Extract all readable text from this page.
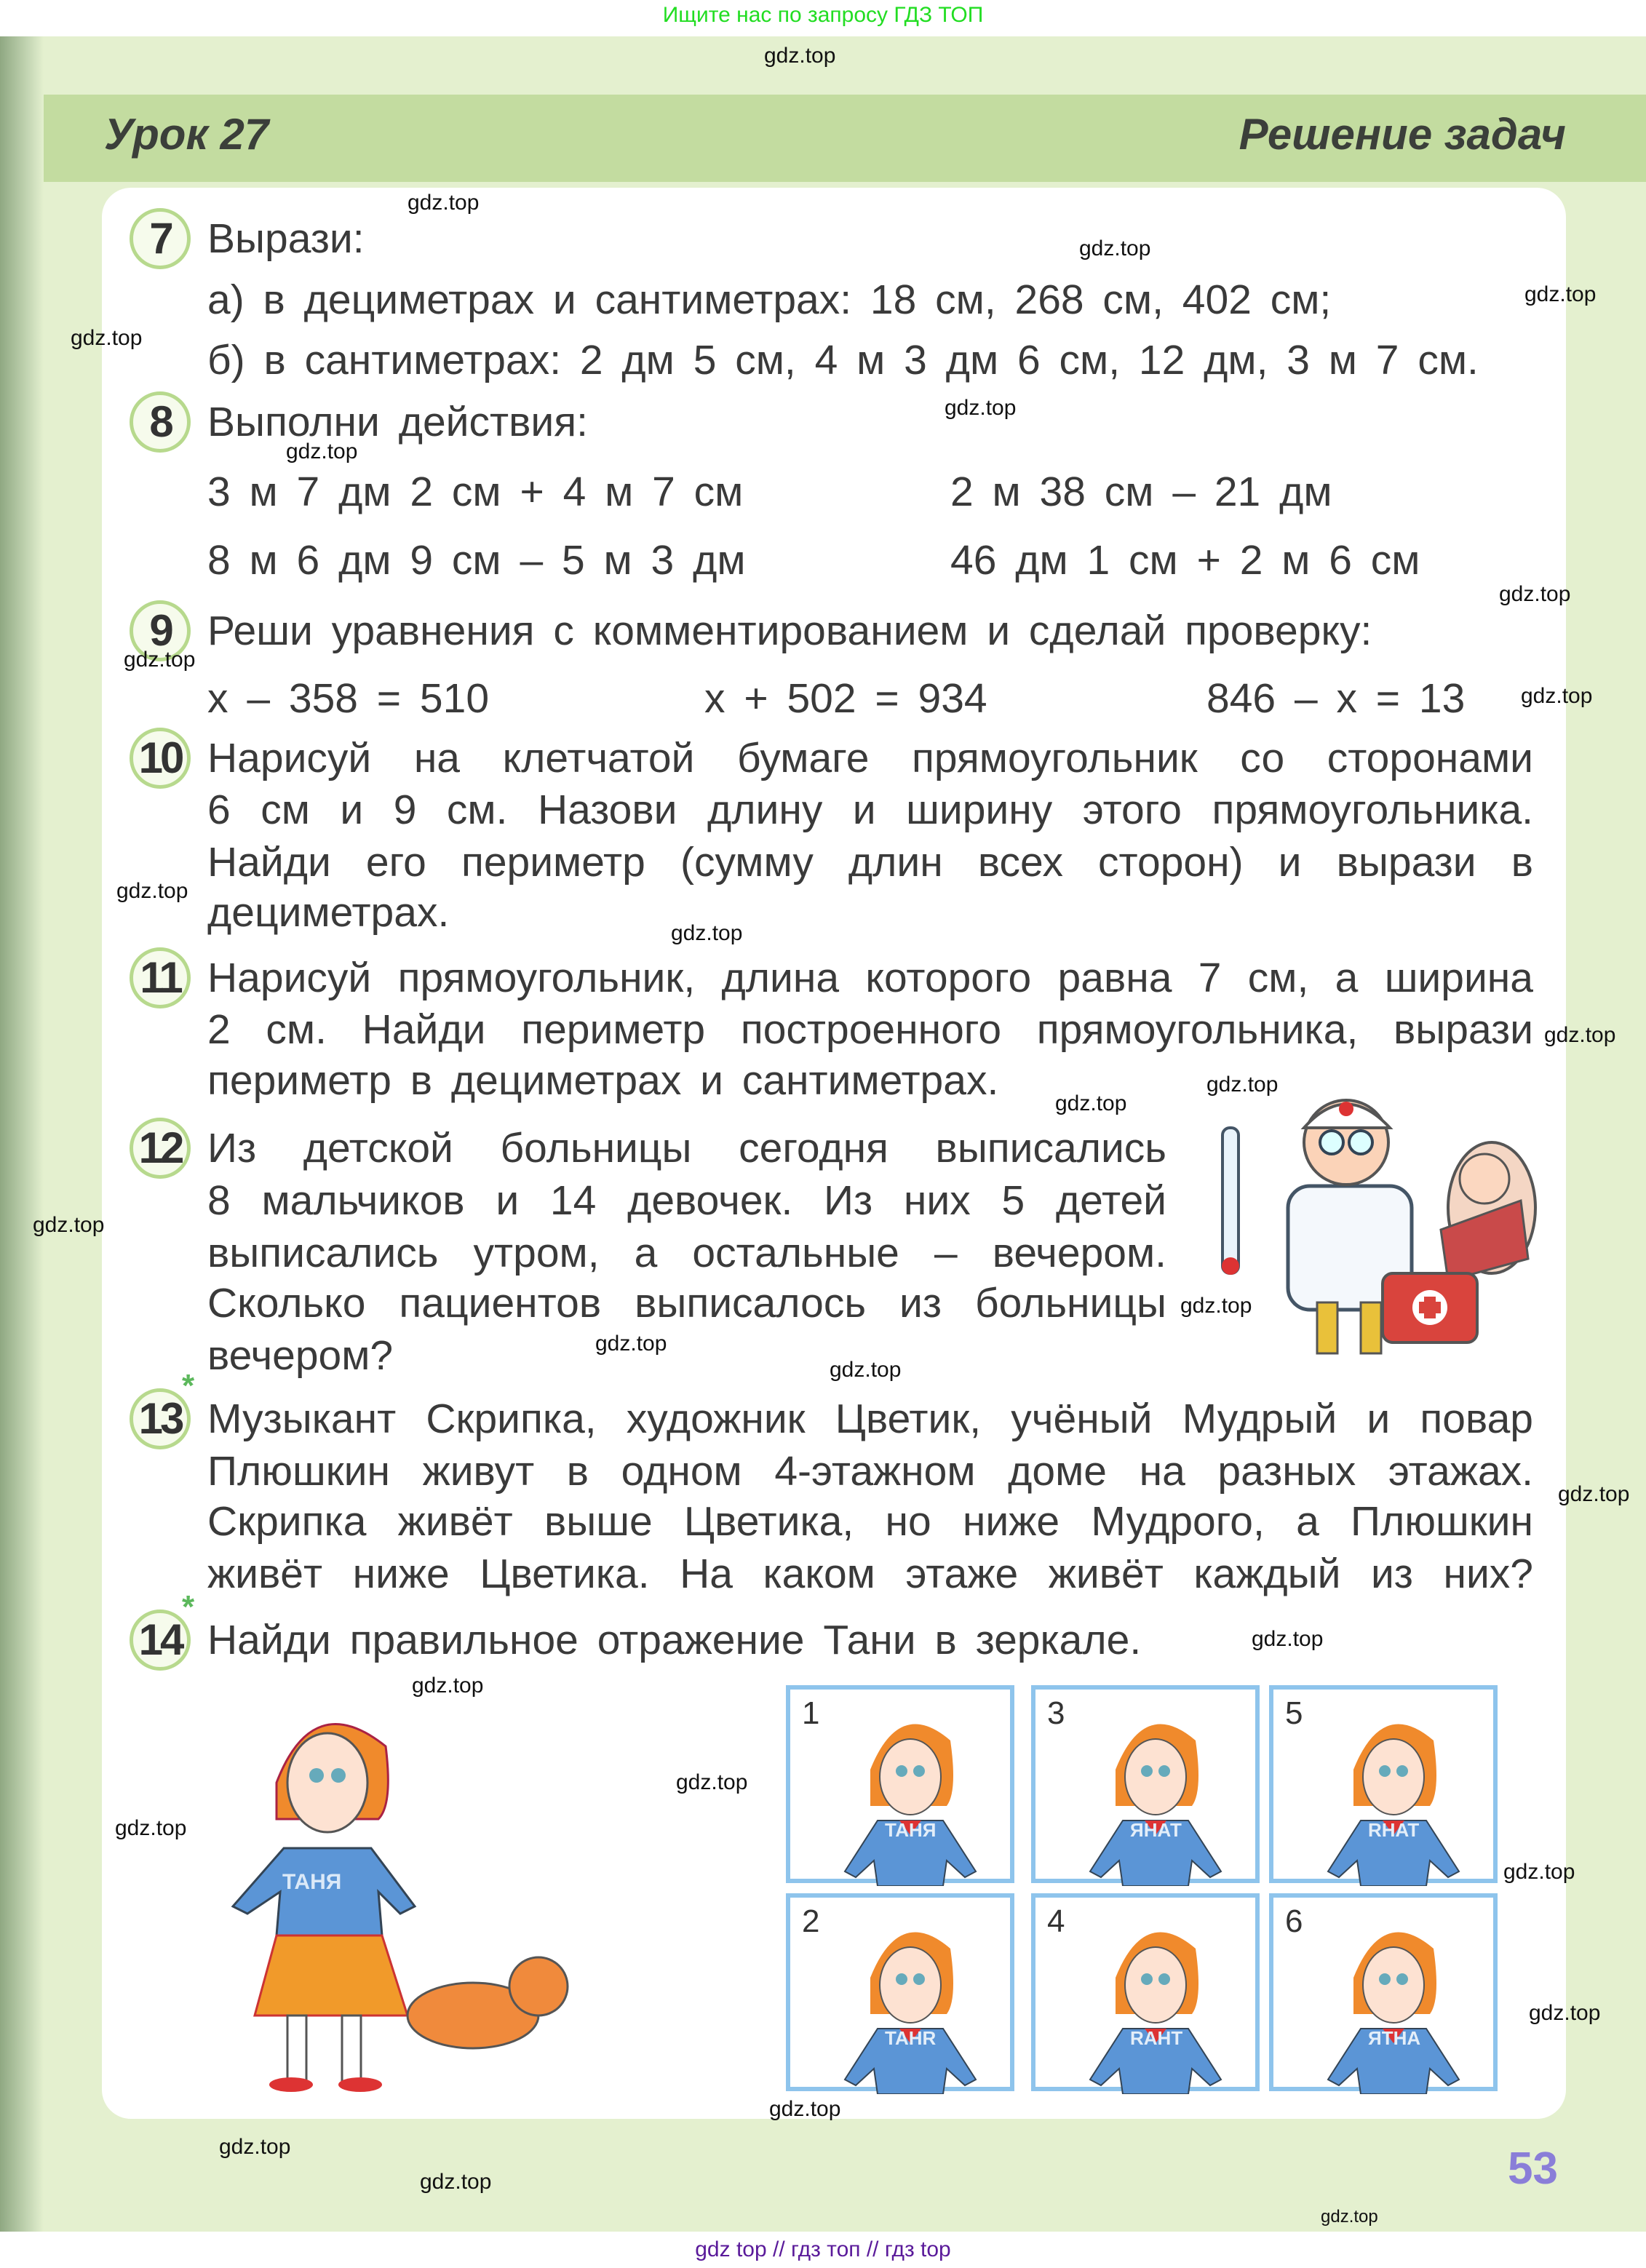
Ищите нас по запросу ГДЗ ТОП
Урок 27	Решение задач
7 Вырази:
а) в дециметрах и сантиметрах: 18 см, 268 см, 402 см;
б) в сантиметрах: 2 дм 5 см, 4 м 3 дм 6 см, 12 дм, 3 м 7 см.
8 Выполни действия:
3 м 7 дм 2 см + 4 м 7 см	2 м 38 см – 21 дм
8 м 6 дм 9 см – 5 м 3 дм	46 дм 1 см + 2 м 6 см
9 Реши уравнения с комментированием и сделай проверку:
x – 358 = 510	x + 502 = 934	846 – x = 13
10 Нарисуй на клетчатой бумаге прямоугольник со сторонами
6 см и 9 см. Назови длину и ширину этого прямоугольника.
Найди его периметр (сумму длин всех сторон) и вырази в
дециметрах.
11 Нарисуй прямоугольник, длина которого равна 7 см, а ширина
2 см. Найди периметр построенного прямоугольника, вырази
периметр в дециметрах и сантиметрах.
12 Из детской больницы сегодня выписались
8 мальчиков и 14 девочек. Из них 5 детей
выписались утром, а остальные – вечером.
Сколько пациентов выписалось из больницы
вечером?
*
13 Музыкант Скрипка, художник Цветик, учёный Мудрый и повар
Плюшкин живут в одном 4-этажном доме на разных этажах.
Скрипка живёт выше Цветика, но ниже Мудрого, а Плюшкин
живёт ниже Цветика. На каком этаже живёт каждый из них?
*
14 Найди правильное отражение Тани в зеркале.
ТАНЯ
1
ТАНЯ
3
ЯНАТ
5
RHAT
2
TAHR
4
RAHT
6
ЯТНА
gdz.top
gdz.top
gdz.top
gdz.top
gdz.top
gdz.top
gdz.top
gdz.top
gdz.top
gdz.top
gdz.top
gdz.top
gdz.top
gdz.top
gdz.top
gdz.top
gdz.top
gdz.top
gdz.top
gdz.top
gdz.top
gdz.top
gdz.top
gdz.top
gdz.top
gdz.top
gdz.top
gdz.top
gdz.top
gdz.top
53
gdz top // гдз топ // гдз top
